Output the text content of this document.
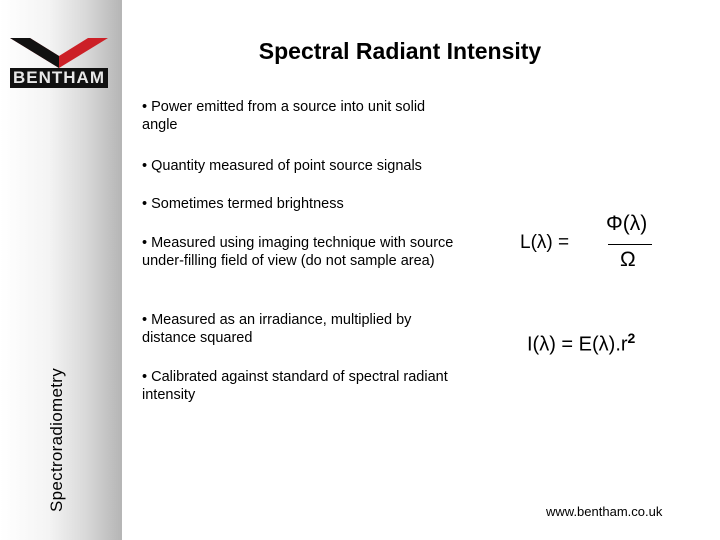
BENTHAM
Spectroradiometry
Spectral Radiant Intensity
• Power emitted from a source into unit solid angle
• Quantity measured of point source signals
• Sometimes termed brightness
• Measured using imaging technique with source under-filling field of view (do not sample area)
• Measured as an irradiance, multiplied by distance squared
• Calibrated against standard of spectral radiant intensity
L(λ) =
Φ(λ)
Ω
$I(\lambda) = E(\lambda).r^2$
www.bentham.co.uk
